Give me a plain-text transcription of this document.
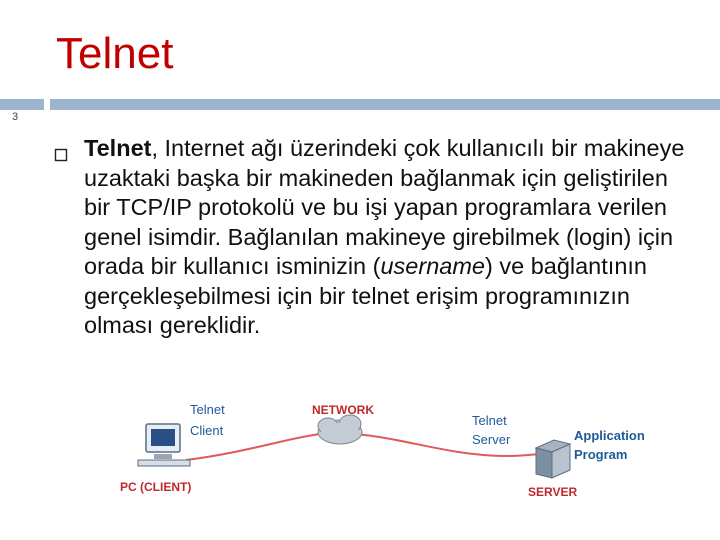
Telnet
3
Telnet, Internet ağı üzerindeki çok kullanıcılı bir makineye uzaktaki başka bir makineden bağlanmak için geliştirilen bir TCP/IP protokolü ve bu işi yapan programlara verilen genel isimdir. Bağlanılan makineye girebilmek (login) için orada bir kullanıcı isminizin (username) ve bağlantının gerçekleşebilmesi için bir telnet erişim programınızın olması gereklidir.
Telnet
Client
NETWORK
Telnet
Server	Application
Program
PC (CLIENT)	SERVER
